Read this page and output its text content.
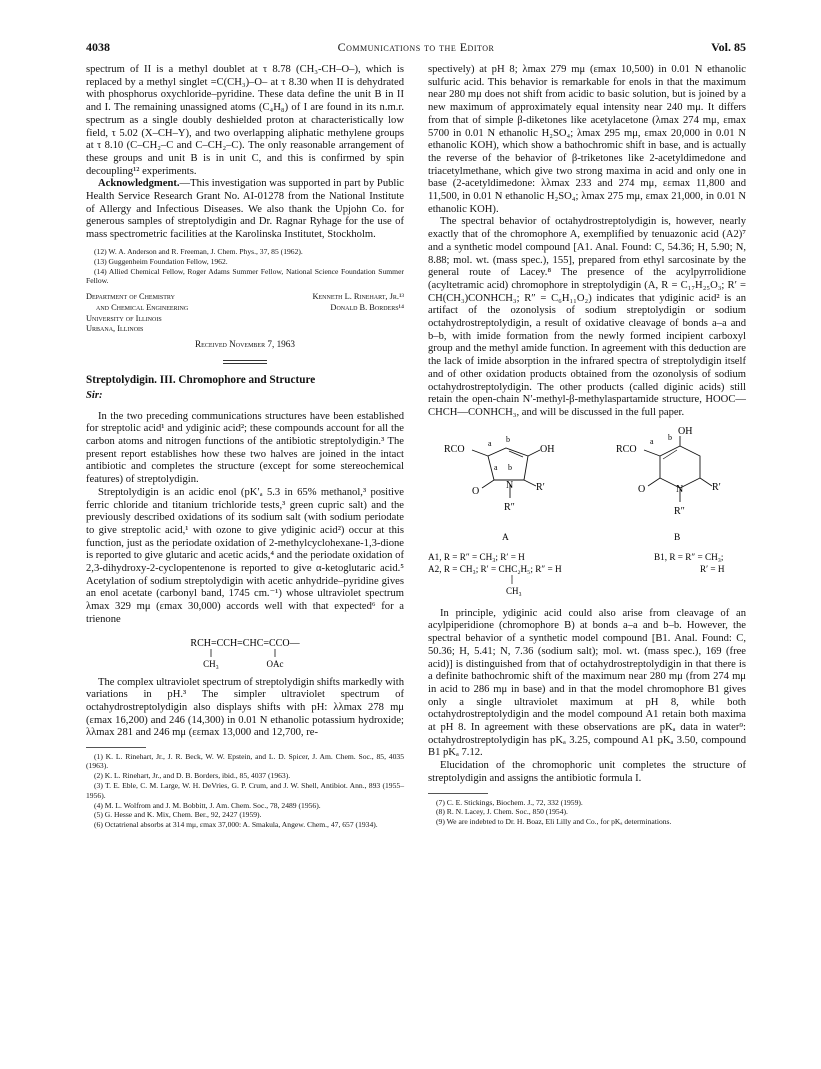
4038	Communications to the Editor	Vol. 85

spectrum of II is a methyl doublet at τ 8.78 (CH₃-CH–O–), which is replaced by a methyl singlet =C(CH₃)–O– at τ 8.30 when II is dehydrated with phosphorus oxychloride–pyridine. These data define the unit B in II and I. The remaining unassigned atoms (C₄H₈) of I are found in its n.m.r. spectrum as a single doubly deshielded proton at characteristically low field, τ 5.02 (X–CH–Y), and two overlapping aliphatic methylene groups at τ 8.10 (C–CH₂–C and C–CH₂–C). The only reasonable arrangement of these groups and unit B is in unit C, and this is confirmed by spin decoupling¹² experiments.

Acknowledgment.—This investigation was supported in part by Public Health Service Research Grant No. AI-01278 from the National Institute of Allergy and Infectious Diseases. We also thank the Upjohn Co. for generous samples of streptolydigin and Dr. Ragnar Ryhage for the use of mass spectrometric facilities at the Karolinska Institutet, Stockholm.

(12) W. A. Anderson and R. Freeman, J. Chem. Phys., 37, 85 (1962).

(13) Guggenheim Foundation Fellow, 1962.

(14) Allied Chemical Fellow, Roger Adams Summer Fellow, National Science Foundation Summer Fellow.

Department of Chemistry
and Chemical Engineering
University of Illinois
Urbana, Illinois
Kenneth L. Rinehart, Jr.¹³
Donald B. Borders¹⁴

Received November 7, 1963

Streptolydigin. III. Chromophore and Structure

Sir:

In the two preceding communications structures have been established for streptolic acid¹ and ydiginic acid²; these compounds account for all the carbon atoms and nitrogen functions of the antibiotic streptolydigin.³ The present report establishes how these two halves are joined in the intact antibiotic and completes the structure (except for some stereochemical features) of streptolydigin.

Streptolydigin is an acidic enol (pK′ₐ 5.3 in 65% methanol,³ positive ferric chloride and titanium trichloride tests,³ green cupric salt) and the previously described oxidations of its sodium salt (with sodium periodate to give streptolic acid,¹ with ozone to give ydiginic acid²) occur at this function, just as the periodate oxidation of 2-methylcyclohexane-1,3-dione is reported to give glutaric and acetic acids,⁴ and the periodate oxidation of 2,3-dihydroxy-2-cyclopentenone is reported to give α-ketoglutaric acid.⁵ Acetylation of sodium streptolydigin with acetic anhydride–pyridine gives an enol acetate (carbonyl band, 1745 cm.⁻¹) whose ultraviolet spectrum λmax 329 mμ (εmax 30,000) accords well with that expected⁶ for a trienone

RCH=CCH=CHC=CCO—
CH₃	OAc

The complex ultraviolet spectrum of streptolydigin shifts markedly with variations in pH.³ The simpler ultraviolet spectrum of octahydrostreptolydigin also displays shifts with pH: λλmax 278 mμ (εmax 16,200) and 246 (14,300) in 0.01 N ethanolic potassium hydroxide; λλmax 281 and 246 mμ (εεmax 13,000 and 12,700, re-

(1) K. L. Rinehart, Jr., J. R. Beck, W. W. Epstein, and L. D. Spicer, J. Am. Chem. Soc., 85, 4035 (1963).

(2) K. L. Rinehart, Jr., and D. B. Borders, ibid., 85, 4037 (1963).

(3) T. E. Eble, C. M. Large, W. H. DeVries, G. P. Crum, and J. W. Shell, Antibiot. Ann., 893 (1955–1956).

(4) M. L. Wolfrom and J. M. Bobbitt, J. Am. Chem. Soc., 78, 2489 (1956).

(5) G. Hesse and K. Mix, Chem. Ber., 92, 2427 (1959).

(6) Octatrienal absorbs at 314 mμ, εmax 37,000: A. Smakula, Angew. Chem., 47, 657 (1934).

spectively) at pH 8; λmax 279 mμ (εmax 10,500) in 0.01 N ethanolic sulfuric acid. This behavior is remarkable for enols in that the maximum near 280 mμ does not shift from acidic to basic solution, but is joined by a new maximum of approximately equal intensity near 240 mμ. It differs from that of simple β-diketones like acetylacetone (λmax 274 mμ, εmax 5700 in 0.01 N ethanolic H₂SO₄; λmax 295 mμ, εmax 20,000 in 0.01 N ethanolic KOH), which show a bathochromic shift in base, and is actually the reverse of the behavior of β-triketones like 2-acetyldimedone and triacetylmethane, which give two strong maxima in acid and only one in base (2-acetyldimedone: λλmax 233 and 274 mμ, εεmax 11,800 and 11,500, in 0.01 N ethanolic H₂SO₄; λmax 275 mμ, εmax 21,000, in 0.01 N ethanolic KOH).

The spectral behavior of octahydrostreptolydigin is, however, nearly exactly that of the chromophore A, exemplified by tenuazonic acid (A2)⁷ and a synthetic model compound [A1. Anal. Found: C, 54.36; H, 5.90; N, 8.88; mol. wt. (mass spec.), 155], prepared from ethyl sarcosinate by the general route of Lacey.⁸ The presence of the acylpyrrolidione (acyltetramic acid) chromophore in streptolydigin (A, R = C₁₇H₂₅O₃; R′ = CH(CH₃)CONHCH₃; R″ = C₆H₁₁O₂) indicates that ydiginic acid² is an artifact of the ozonolysis of sodium streptolydigin or sodium octahydrostreptolydigin, a result of oxidative cleavage of bonds a–a and b–b, with imide formation from the newly formed incipient carboxyl group and the methyl amide function. In agreement with this deduction are the lack of imide absorption in the infrared spectra of streptolydigin itself and of other oxidation products obtained from the ozonolysis of sodium octahydrostreptolydigin. The other products (called diginic acids) still retain the open-chain N′-methyl-β-methylaspartamide structure, HOOC—CHCH—CONHCH₃, and will be discussed in the full paper.

RCO	OH
O
N R′
R″
a b
b
a
OH
RCO
O	N	R′
R″
a b
A	B
A1, R = R″ = CH₃; R′ = H
A2, R = CH₃; R′ = CHC₂H₅; R″ = H
CH₃
B1, R = R″ = CH₃;
R′ = H

In principle, ydiginic acid could also arise from cleavage of an acylpiperidione (chromophore B) at bonds a–a and b–b. However, the spectral behavior of a synthetic model compound [B1. Anal. Found: C, 50.36; H, 5.41; N, 7.36 (sodium salt); mol. wt. (mass spec.), 169 (free acid)] is distinguished from that of octahydrostreptolydigin in that there is a definite bathochromic shift of the maximum near 280 mμ (from 274 mμ in acid to 286 mμ in base) and in that the model chromophore B1 gives only a single ultraviolet maximum at pH 8, while both octahydrostreptolydigin and the model compound A1 retain both maxima at pH 8. In agreement with these observations are pKₐ data in water⁹: octahydrostreptolydigin has pKₐ 3.25, compound A1 pKₐ 3.50, compound B1 pKₐ 7.12.

Elucidation of the chromophoric unit completes the structure of streptolydigin and assigns the antibiotic formula I.

(7) C. E. Stickings, Biochem. J., 72, 332 (1959).

(8) R. N. Lacey, J. Chem. Soc., 850 (1954).

(9) We are indebted to Dr. H. Boaz, Eli Lilly and Co., for pKₐ determinations.
